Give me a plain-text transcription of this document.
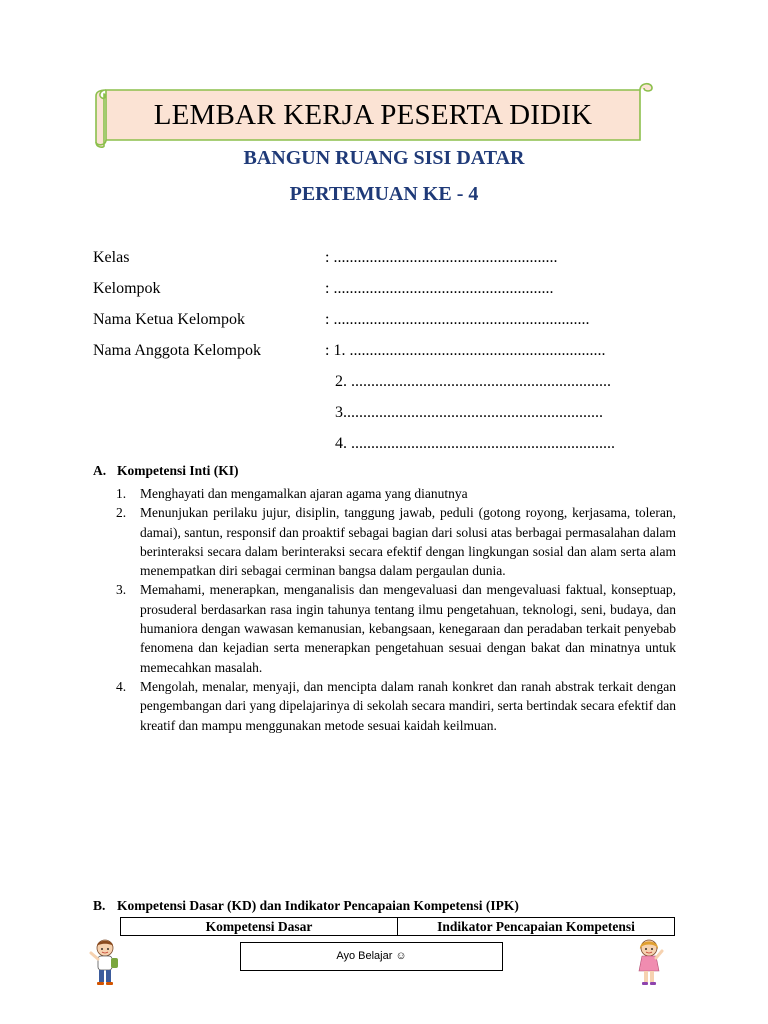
LEMBAR KERJA PESERTA DIDIK
BANGUN RUANG SISI DATAR
PERTEMUAN KE - 4
Kelas	: ........................................................
Kelompok	: .......................................................
Nama Ketua Kelompok	: ................................................................
Nama Anggota Kelompok	: 1. ................................................................
2. .................................................................
3.................................................................
4. ..................................................................
A. Kompetensi Inti (KI)
1.	Menghayati dan mengamalkan ajaran agama yang dianutnya
2.	Menunjukan perilaku jujur, disiplin, tanggung jawab, peduli (gotong royong, kerjasama, toleran, damai), santun, responsif dan proaktif sebagai bagian dari solusi atas berbagai permasalahan dalam berinteraksi secara dalam berinteraksi secara efektif dengan lingkungan sosial dan alam serta alam menempatkan diri sebagai cerminan bangsa dalam pergaulan dunia.
3.	Memahami, menerapkan, menganalisis dan mengevaluasi dan mengevaluasi faktual, konseptuap, prosuderal berdasarkan rasa ingin tahunya tentang ilmu pengetahuan, teknologi, seni, budaya, dan humaniora dengan wawasan kemanusian, kebangsaan, kenegaraan dan peradaban terkait penyebab fenomena dan kejadian serta menerapkan pengetahuan sesuai dengan bakat dan minatnya untuk memecahkan masalah.
4.	Mengolah, menalar, menyaji, dan mencipta dalam ranah konkret dan ranah abstrak terkait dengan pengembangan dari yang dipelajarinya di sekolah secara mandiri, serta bertindak secara efektif dan kreatif dan mampu menggunakan metode sesuai kaidah keilmuan.
B. Kompetensi Dasar (KD) dan Indikator Pencapaian Kompetensi (IPK)
Kompetensi Dasar	Indikator Pencapaian Kompetensi
Ayo Belajar ☺
